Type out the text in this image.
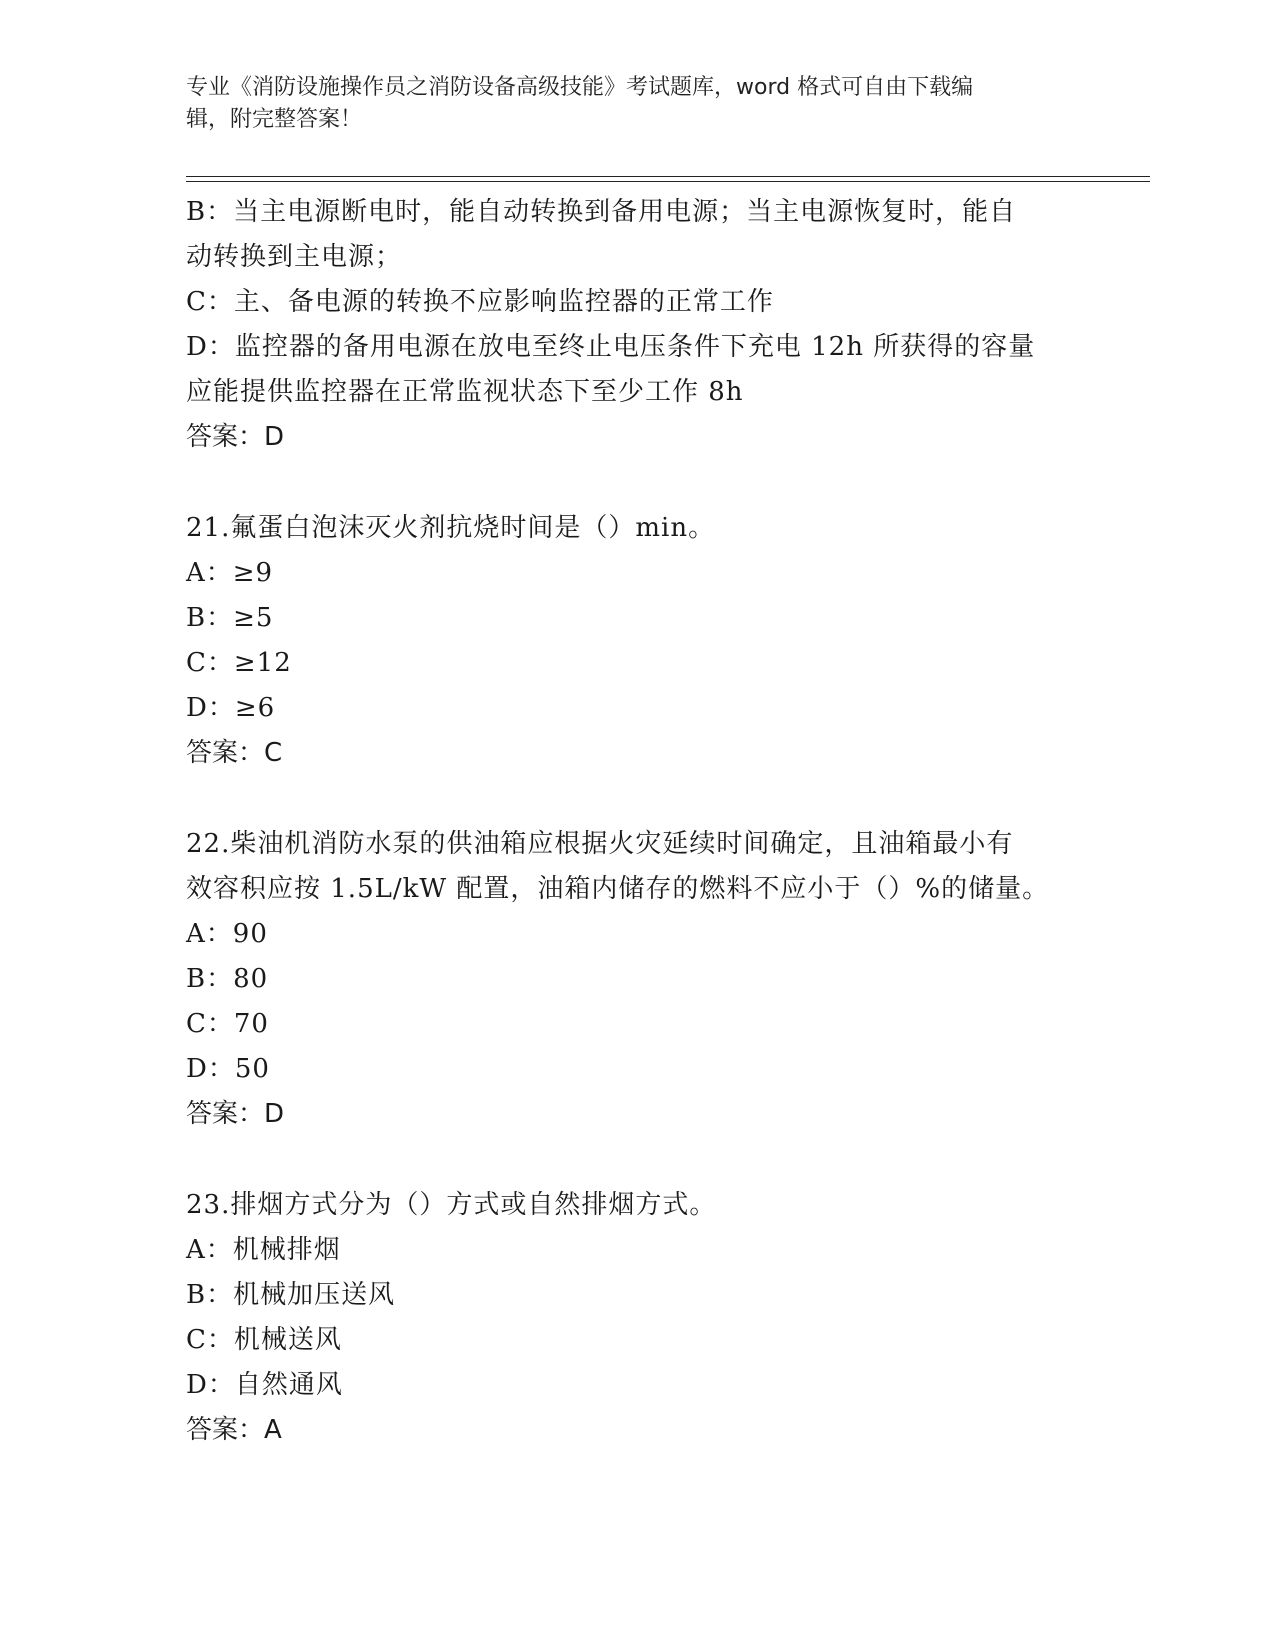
专业《消防设施操作员之消防设备高级技能》考试题库，word 格式可自由下载编
辑，附完整答案！
B：当主电源断电时，能自动转换到备用电源；当主电源恢复时，能自
动转换到主电源；
C：主、备电源的转换不应影响监控器的正常工作
D：监控器的备用电源在放电至终止电压条件下充电 12h 所获得的容量
应能提供监控器在正常监视状态下至少工作 8h
答案：D
21.氟蛋白泡沫灭火剂抗烧时间是（）min。
A：≥9
B：≥5
C：≥12
D：≥6
答案：C
22.柴油机消防水泵的供油箱应根据火灾延续时间确定，且油箱最小有
效容积应按 1.5L/kW 配置，油箱内储存的燃料不应小于（）%的储量。
A：90
B：80
C：70
D：50
答案：D
23.排烟方式分为（）方式或自然排烟方式。
A：机械排烟
B：机械加压送风
C：机械送风
D：自然通风
答案：A
